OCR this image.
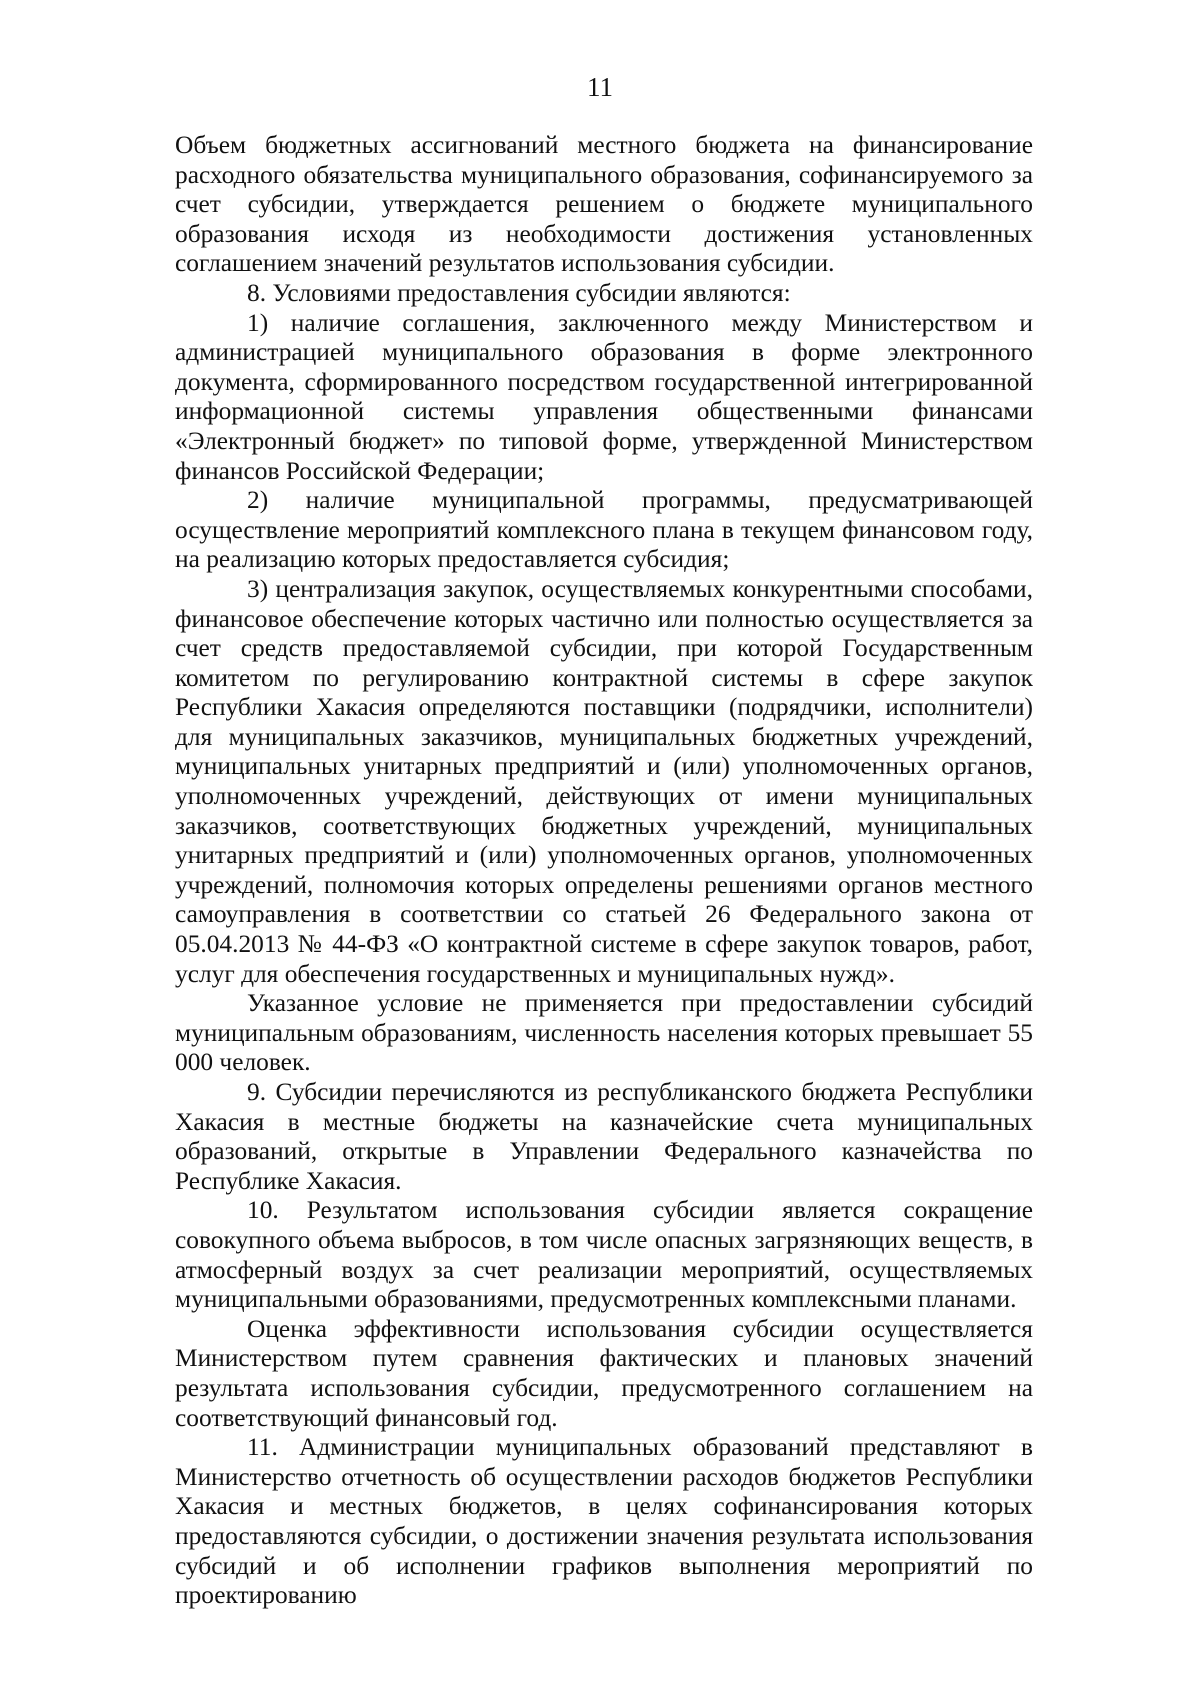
11

Объем бюджетных ассигнований местного бюджета на финансирование расходного обязательства муниципального образования, софинансируемого за счет субсидии, утверждается решением о бюджете муниципального образования исходя из необходимости достижения установленных соглашением значений результатов использования субсидии.

8. Условиями предоставления субсидии являются:

1) наличие соглашения, заключенного между Министерством и администрацией муниципального образования в форме электронного документа, сформированного посредством государственной интегрированной информационной системы управления общественными финансами «Электронный бюджет» по типовой форме, утвержденной Министерством финансов Российской Федерации;

2) наличие муниципальной программы, предусматривающей осуществление мероприятий комплексного плана в текущем финансовом году, на реализацию которых предоставляется субсидия;

3) централизация закупок, осуществляемых конкурентными способами, финансовое обеспечение которых частично или полностью осуществляется за счет средств предоставляемой субсидии, при которой Государственным комитетом по регулированию контрактной системы в сфере закупок Республики Хакасия определяются поставщики (подрядчики, исполнители) для муниципальных заказчиков, муниципальных бюджетных учреждений, муниципальных унитарных предприятий и (или) уполномоченных органов, уполномоченных учреждений, действующих от имени муниципальных заказчиков, соответствующих бюджетных учреждений, муниципальных унитарных предприятий и (или) уполномоченных органов, уполномоченных учреждений, полномочия которых определены решениями органов местного самоуправления в соответствии со статьей 26 Федерального закона от 05.04.2013 № 44-ФЗ «О контрактной системе в сфере закупок товаров, работ, услуг для обеспечения государственных и муниципальных нужд».

Указанное условие не применяется при предоставлении субсидий муниципальным образованиям, численность населения которых превышает 55 000 человек.

9. Субсидии перечисляются из республиканского бюджета Республики Хакасия в местные бюджеты на казначейские счета муниципальных образований, открытые в Управлении Федерального казначейства по Республике Хакасия.

10. Результатом использования субсидии является сокращение совокупного объема выбросов, в том числе опасных загрязняющих веществ, в атмосферный воздух за счет реализации мероприятий, осуществляемых муниципальными образованиями, предусмотренных комплексными планами.

Оценка эффективности использования субсидии осуществляется Министерством путем сравнения фактических и плановых значений результата использования субсидии, предусмотренного соглашением на соответствующий финансовый год.

11. Администрации муниципальных образований представляют в Министерство отчетность об осуществлении расходов бюджетов Республики Хакасия и местных бюджетов, в целях софинансирования которых предоставляются субсидии, о достижении значения результата использования субсидий и об исполнении графиков выполнения мероприятий по проектированию
